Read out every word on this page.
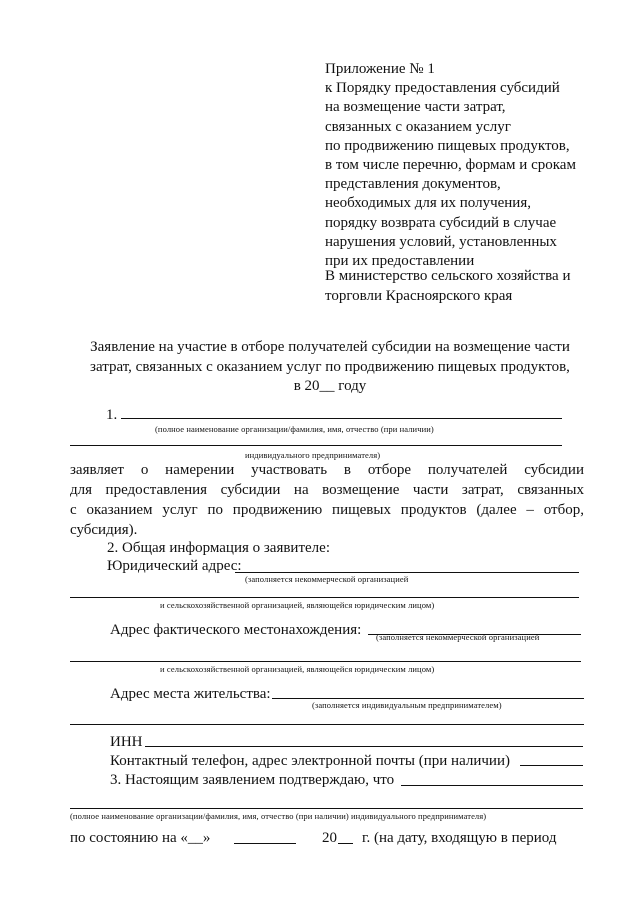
Приложение № 1
к Порядку предоставления субсидий
на возмещение части затрат,
связанных с оказанием услуг
по продвижению пищевых продуктов,
в том числе перечню, формам и срокам
представления документов,
необходимых для их получения,
порядку возврата субсидий в случае
нарушения условий, установленных
при их предоставлении
В министерство сельского хозяйства и
торговли Красноярского края
Заявление на участие в отборе получателей субсидии на возмещение части
затрат, связанных с оказанием услуг по продвижению пищевых продуктов,
в 20__ году
1.
(полное наименование организации/фамилия, имя, отчество (при наличии)
индивидуального предпринимателя)
заявляет о намерении участвовать в отборе получателей субсидии
для предоставления субсидии на возмещение части затрат, связанных
с оказанием услуг по продвижению пищевых продуктов (далее – отбор,
субсидия).
2. Общая информация о заявителе:
Юридический адрес:
(заполняется некоммерческой организацией
и сельскохозяйственной организацией, являющейся юридическим лицом)
Адрес фактического местонахождения: (заполняется некоммерческой организацией
и сельскохозяйственной организацией, являющейся юридическим лицом)
Адрес места жительства:
(заполняется индивидуальным предпринимателем)
ИНН
Контактный телефон, адрес электронной почты (при наличии)
3. Настоящим заявлением подтверждаю, что
(полное наименование организации/фамилия, имя, отчество (при наличии) индивидуального предпринимателя)
по состоянию на «__»	20 г. (на дату, входящую в период
